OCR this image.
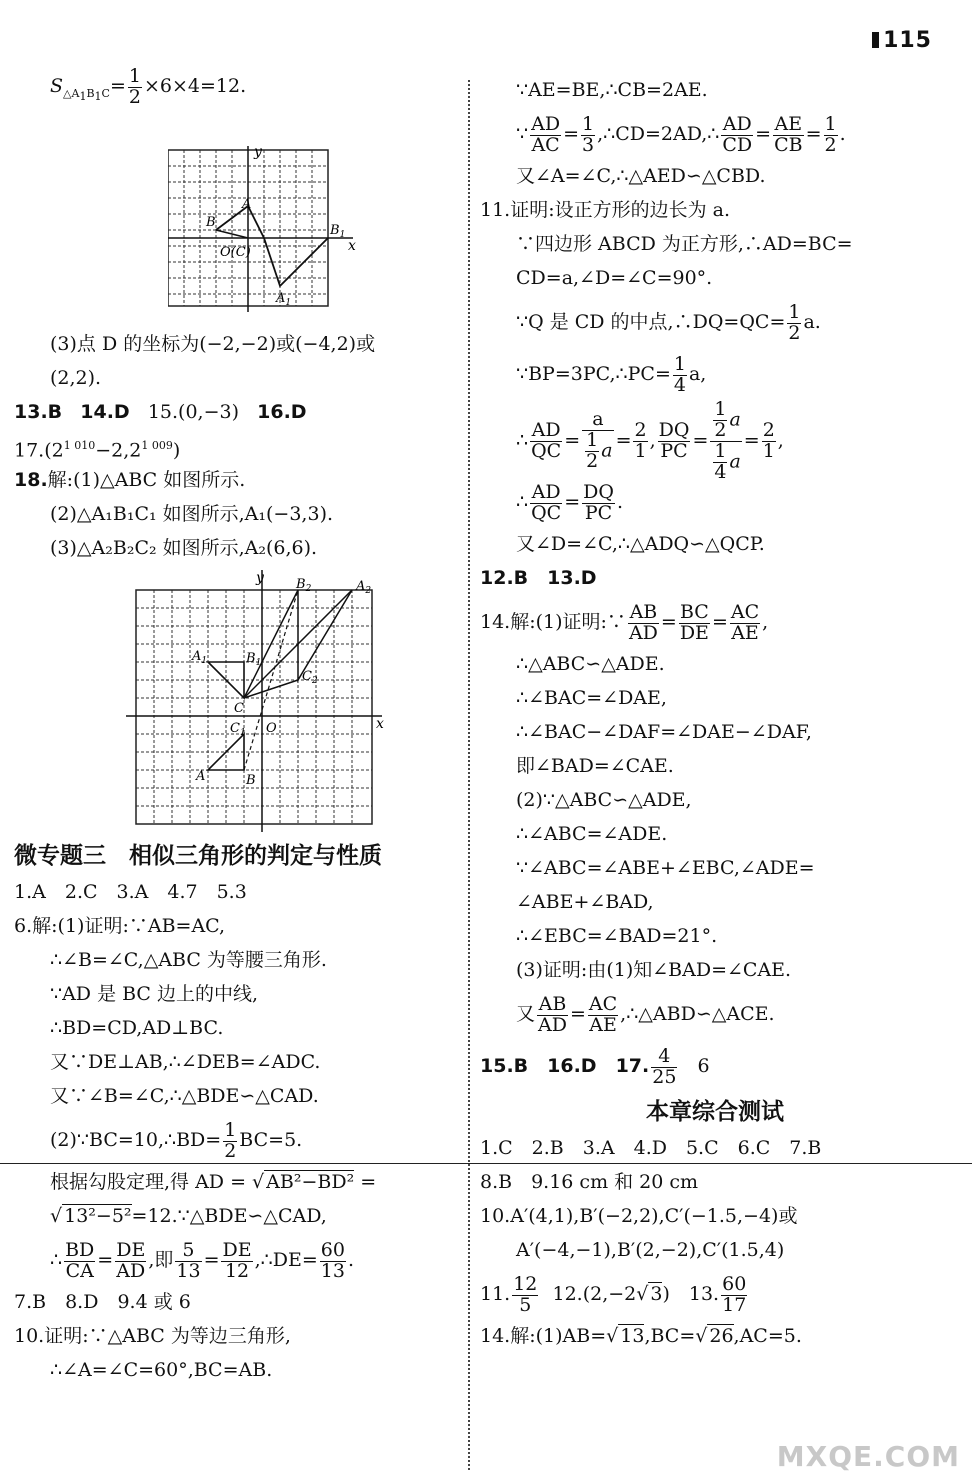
115
$S_{\triangle A_1B_1C}= \frac{1}{2} \times 6\times 4=12$.
y
x
A
B
$B_1$
O(C)
$A_1$
(3)点 D 的坐标为(−2,−2)或(−4,2)或
(2,2).
13.B 14.D 15.(0,−3) 16.D
$17.(2^{1 010}-2,2^{1 009})$
18.解:(1)△ABC 如图所示.
(2)△A₁B₁C₁ 如图所示,A₁(−3,3).
(3)△A₂B₂C₂ 如图所示,A₂(6,6).
y
x
$A_1$	$B_1$
C
$C_1$ O
A	B
$B_2$	$A_2$
$C_2$
微专题三　相似三角形的判定与性质
1.A　2.C　3.A　4.7　5.3
6.解:(1)证明:∵AB=AC,
∴∠B=∠C,△ABC 为等腰三角形.
∵AD 是 BC 边上的中线,
∴BD=CD,AD⊥BC.
又∵DE⊥AB,∴∠DEB=∠ADC.
又∵∠B=∠C,∴△BDE∽△CAD.
(2)∵BC=10,∴BD= $\frac{1}{2} BC=5$.
根据勾股定理,得 AD = √ AB²−BD² =
√ 13²−5²=12.∵△BDE∽△CAD,
∴ $\frac{BD}{CA} = \frac{DE}{AD}$ ,即 $\frac{5}{13} = \frac{DE}{12}$ ,∴DE= $\frac{60}{13}$ .
7.B　8.D　9.4 或 6
10.证明:∵△ABC 为等边三角形,
∴∠A=∠C=60°,BC=AB.
∵AE=BE,∴CB=2AE.
∵ $\frac{AD}{AC} = \frac{1}{3}$ ,∴CD=2AD,∴ $\frac{AD}{CD} = \frac{AE}{CB} = \frac{1}{2}$ .
又∠A=∠C,∴△AED∽△CBD.
11.证明:设正方形的边长为 a.
∵四边形 ABCD 为正方形,∴AD=BC=
CD=a,∠D=∠C=90°.
∵Q 是 CD 的中点,∴DQ=QC= $\frac{1}{2} a$.
∵BP=3PC,∴PC= $\frac{1}{4} a$,
∴ $\frac{AD}{QC} = \frac{a}{\frac{1}{2} a} = \frac{2}{1}$ , $\frac{DQ}{PC} = \frac{\frac{1}{2} a}{\frac{1}{4} a} = \frac{2}{1}$ ,
∴ $\frac{AD}{QC} = \frac{DQ}{PC}$ .
又∠D=∠C,∴△ADQ∽△QCP.
12.B　13.D
14.解:(1)证明:∵ $\frac{AB}{AD} = \frac{BC}{DE} = \frac{AC}{AE}$ ,
∴△ABC∽△ADE.
∴∠BAC=∠DAE,
∴∠BAC−∠DAF=∠DAE−∠DAF,
即∠BAD=∠CAE.
(2)∵△ABC∽△ADE,
∴∠ABC=∠ADE.
∵∠ABC=∠ABE+∠EBC,∠ADE=
∠ABE+∠BAD,
∴∠EBC=∠BAD=21°.
(3)证明:由(1)知∠BAD=∠CAE.
又 $\frac{AB}{AD} = \frac{AC}{AE}$ ,∴△ABD∽△ACE.
15.B　16.D　17. $\frac{4}{25} 6$
本章综合测试
1.C　2.B　3.A　4.D　5.C　6.C　7.B
8.B　9.16 cm 和 20 cm
10.A′(4,1),B′(−2,2),C′(−1.5,−4)或
A′(−4,−1),B′(2,−2),C′(1.5,4)
11. $\frac{12}{5} 12.(2,-2√$ 3)　13. $\frac{60}{17}$
14.解:(1)AB=√ 13,BC=√ 26,AC=5.
MXQE.COM
